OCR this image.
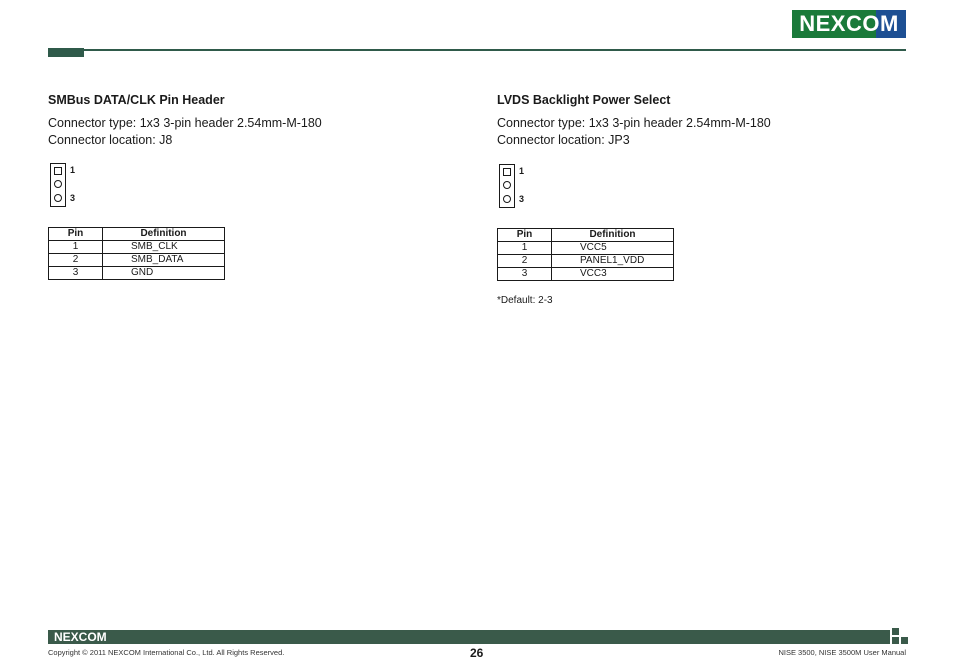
NEXCOM

SMBus DATA/CLK Pin Header

Connector type: 1x3 3-pin header 2.54mm-M-180

Connector location: J8

1
3
Pin	Definition
1	SMB_CLK
2	SMB_DATA
3	GND

LVDS Backlight Power Select

Connector type: 1x3 3-pin header 2.54mm-M-180

Connector location: JP3

1
3
Pin	Definition
1	VCC5
2	PANEL1_VDD
3	VCC3
*Default: 2-3
NEXCOM
Copyright © 2011 NEXCOM International Co., Ltd. All Rights Reserved.	26	NISE 3500, NISE 3500M User Manual
